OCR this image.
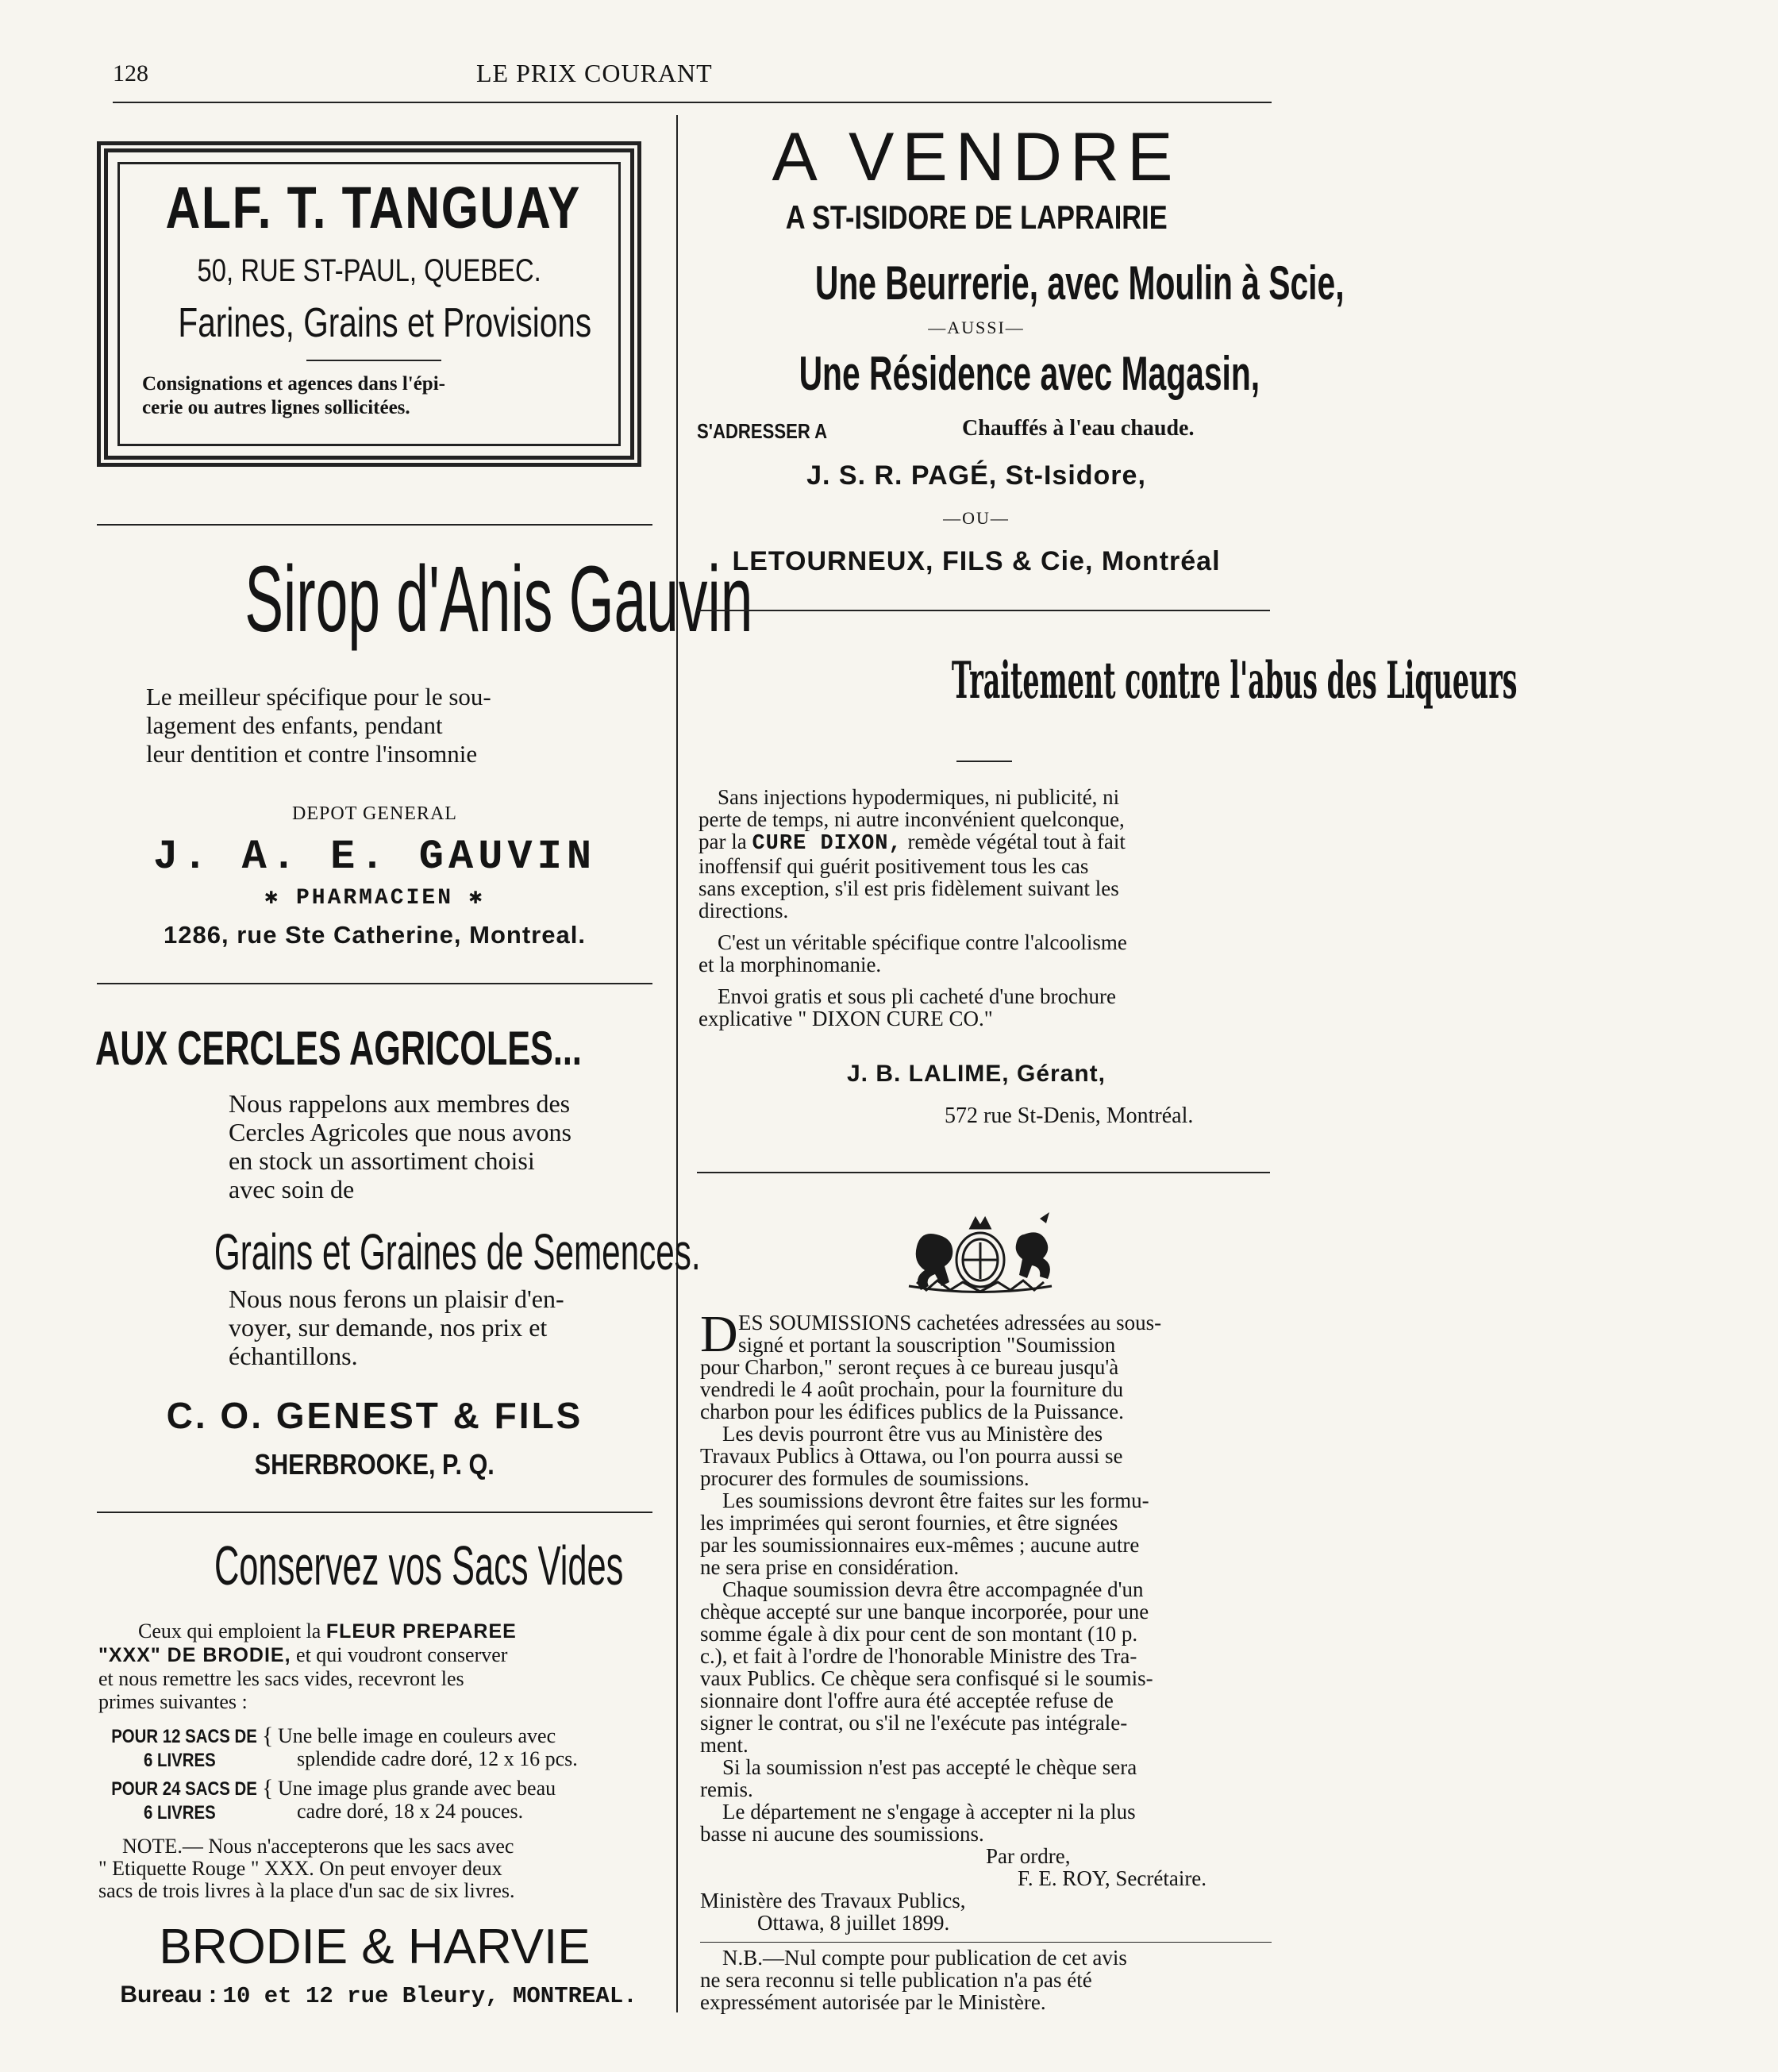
128	LE PRIX COURANT
ALF. T. TANGUAY
50, RUE ST-PAUL, QUEBEC.
Farines, Grains et Provisions
Consignations et agences dans l'épi-
cerie ou autres lignes sollicitées.
Sirop d'Anis Gauvin
Le meilleur spécifique pour le sou-
lagement des enfants, pendant
leur dentition et contre l'insomnie
DEPOT GENERAL
J. A. E. GAUVIN
✱ PHARMACIEN ✱
1286, rue Ste Catherine, Montreal.
AUX CERCLES AGRICOLES...
Nous rappelons aux membres des
Cercles Agricoles que nous avons
en stock un assortiment choisi
avec soin de
Grains et Graines de Semences.
Nous nous ferons un plaisir d'en-
voyer, sur demande, nos prix et
échantillons.
C. O. GENEST & FILS
SHERBROOKE, P. Q.
Conservez vos Sacs Vides
Ceux qui emploient la FLEUR PREPAREE
"XXX" DE BRODIE, et qui voudront conserver
et nous remettre les sacs vides, recevront les
primes suivantes :
POUR 12 SACS DE 6 LIVRES
{ Une belle image en couleurs avec
splendide cadre doré, 12 x 16 pcs.
POUR 24 SACS DE 6 LIVRES
{ Une image plus grande avec beau
cadre doré, 18 x 24 pouces.
NOTE.— Nous n'accepterons que les sacs avec
" Etiquette Rouge " XXX. On peut envoyer deux
sacs de trois livres à la place d'un sac de six livres.
BRODIE & HARVIE
Bureau : 10 et 12 rue Bleury, MONTREAL.
A VENDRE
A ST-ISIDORE DE LAPRAIRIE
Une Beurrerie, avec Moulin à Scie,
—AUSSI—
Une Résidence avec Magasin,
S'ADRESSER A	Chauffés à l'eau chaude.
J. S. R. PAGÉ, St-Isidore,
—OU—
LETOURNEUX, FILS & Cie, Montréal
Traitement contre l'abus des Liqueurs
Sans injections hypodermiques, ni publicité, ni
perte de temps, ni autre inconvénient quelconque,
par la CURE DIXON, remède végétal tout à fait
inoffensif qui guérit positivement tous les cas
sans exception, s'il est pris fidèlement suivant les
directions.
C'est un véritable spécifique contre l'alcoolisme
et la morphinomanie.
Envoi gratis et sous pli cacheté d'une brochure
explicative " DIXON CURE CO."
J. B. LALIME, Gérant,
572 rue St-Denis, Montréal.
D ES SOUMISSIONS cachetées adressées au sous-
signé et portant la souscription "Soumission
pour Charbon," seront reçues à ce bureau jusqu'à
vendredi le 4 août prochain, pour la fourniture du
charbon pour les édifices publics de la Puissance.
Les devis pourront être vus au Ministère des
Travaux Publics à Ottawa, ou l'on pourra aussi se
procurer des formules de soumissions.
Les soumissions devront être faites sur les formu-
les imprimées qui seront fournies, et être signées
par les soumissionnaires eux-mêmes ; aucune autre
ne sera prise en considération.
Chaque soumission devra être accompagnée d'un
chèque accepté sur une banque incorporée, pour une
somme égale à dix pour cent de son montant (10 p.
c.), et fait à l'ordre de l'honorable Ministre des Tra-
vaux Publics. Ce chèque sera confisqué si le soumis-
sionnaire dont l'offre aura été acceptée refuse de
signer le contrat, ou s'il ne l'exécute pas intégrale-
ment.
Si la soumission n'est pas accepté le chèque sera
remis.
Le département ne s'engage à accepter ni la plus
basse ni aucune des soumissions.
Par ordre,
F. E. ROY, Secrétaire.
Ministère des Travaux Publics,
Ottawa, 8 juillet 1899.
N.B.—Nul compte pour publication de cet avis
ne sera reconnu si telle publication n'a pas été
expressément autorisée par le Ministère.
